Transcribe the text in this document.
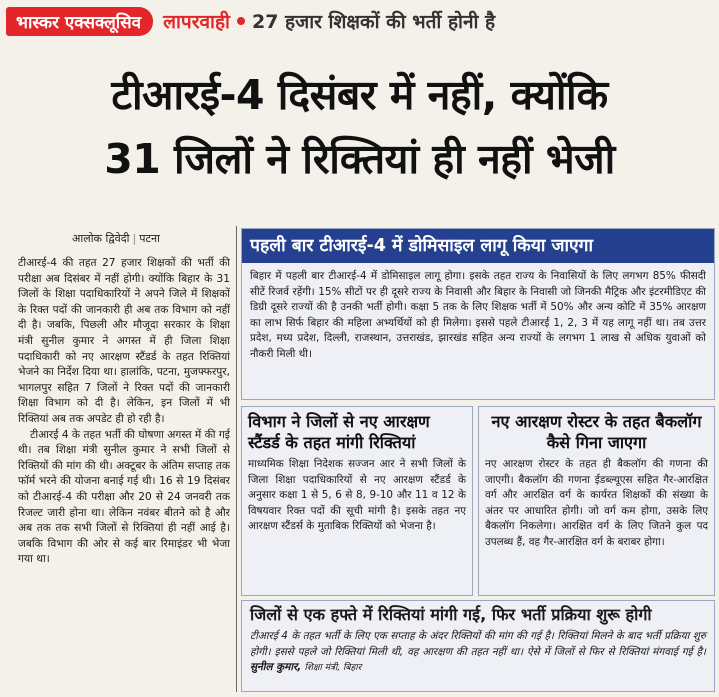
भास्कर एक्सक्लूसिव	लापरवाही 27 हजार शिक्षकों की भर्ती होनी है
टीआरई-4 दिसंबर में नहीं, क्योंकि
31 जिलों ने रिक्तियां ही नहीं भेजी
आलोक द्विवेदी | पटना

टीआरई-4 की तहत 27 हजार शिक्षकों की भर्ती की परीक्षा अब दिसंबर में नहीं होगी। क्योंकि बिहार के 31 जिलों के शिक्षा पदाधिकारियों ने अपने जिले में शिक्षकों के रिक्त पदों की जानकारी ही अब तक विभाग को नहीं दी है। जबकि, पिछली और मौजूदा सरकार के शिक्षा मंत्री सुनील कुमार ने अगस्त में ही जिला शिक्षा पदाधिकारी को नए आरक्षण स्टैंडर्ड के तहत रिक्तियां भेजने का निर्देश दिया था। हालांकि, पटना, मुजफ्फरपुर, भागलपुर सहित 7 जिलों ने रिक्त पदों की जानकारी शिक्षा विभाग को दी है। लेकिन, इन जिलों में भी रिक्तियां अब तक अपडेट ही हो रही है।

टीआरई 4 के तहत भर्ती की घोषणा अगस्त में की गई थी। तब शिक्षा मंत्री सुनील कुमार ने सभी जिलों से रिक्तियों की मांग की थी। अक्टूबर के अंतिम सप्ताह तक फॉर्म भरने की योजना बनाई गई थी। 16 से 19 दिसंबर को टीआरई-4 की परीक्षा और 20 से 24 जनवरी तक रिजल्ट जारी होना था। लेकिन नवंबर बीतने को है और अब तक तक सभी जिलों से रिक्तियां ही नहीं आई है। जबकि विभाग की ओर से कई बार रिमाइंडर भी भेजा गया था।

पहली बार टीआरई-4 में डोमिसाइल लागू किया जाएगा
बिहार में पहली बार टीआरई-4 में डोमिसाइल लागू होगा। इसके तहत राज्य के निवासियों के लिए लगभग 85% फीसदी सीटें रिजर्व रहेंगी। 15% सीटों पर ही दूसरे राज्य के निवासी और बिहार के निवासी जो जिनकी मैट्रिक और इंटरमीडिएट की डिग्री दूसरे राज्यों की है उनकी भर्ती होगी। कक्षा 5 तक के लिए शिक्षक भर्ती में 50% और अन्य कोटि में 35% आरक्षण का लाभ सिर्फ बिहार की महिला अभ्यर्थियों को ही मिलेगा। इससे पहले टीआरई 1, 2, 3 में यह लागू नहीं था। तब उत्तर प्रदेश, मध्य प्रदेश, दिल्ली, राजस्थान, उत्तराखंड, झारखंड सहित अन्य राज्यों के लगभग 1 लाख से अधिक युवाओं को नौकरी मिली थी।
विभाग ने जिलों से नए आरक्षण स्टैंडर्ड के तहत मांगी रिक्तियां
माध्यमिक शिक्षा निदेशक सज्जन आर ने सभी जिलों के जिला शिक्षा पदाधिकारियों से नए आरक्षण स्टैंडर्ड के अनुसार कक्षा 1 से 5, 6 से 8, 9-10 और 11 व 12 के विषयवार रिक्त पदों की सूची मांगी है। इसके तहत नए आरक्षण स्टैंडर्स के मुताबिक रिक्तियों को भेजना है।
नए आरक्षण रोस्टर के तहत बैकलॉग कैसे गिना जाएगा
नए आरक्षण रोस्टर के तहत ही बैकलॉग की गणना की जाएगी। बैकलॉग की गणना ईडब्ल्यूएस सहित गैर-आरक्षित वर्ग और आरक्षित वर्ग के कार्यरत शिक्षकों की संख्या के अंतर पर आधारित होगी। जो वर्ग कम होगा, उसके लिए बैकलॉग निकलेगा। आरक्षित वर्ग के लिए जितने कुल पद उपलब्ध हैं, वह गैर-आरक्षित वर्ग के बराबर होगा।
जिलों से एक हफ्ते में रिक्तियां मांगी गई, फिर भर्ती प्रक्रिया शुरू होगी
टीआरई 4 के तहत भर्ती के लिए एक सप्ताह के अंदर रिक्तियों की मांग की गई है। रिक्तियां मिलने के बाद भर्ती प्रक्रिया शुरु होगी। इससे पहले जो रिक्तियां मिली थी, वह आरक्षण की तहत नहीं था। ऐसे में जिलों से फिर से रिक्तियां मंगवाई गई है। सुनील कुमार, शिक्षा मंत्री, बिहार
